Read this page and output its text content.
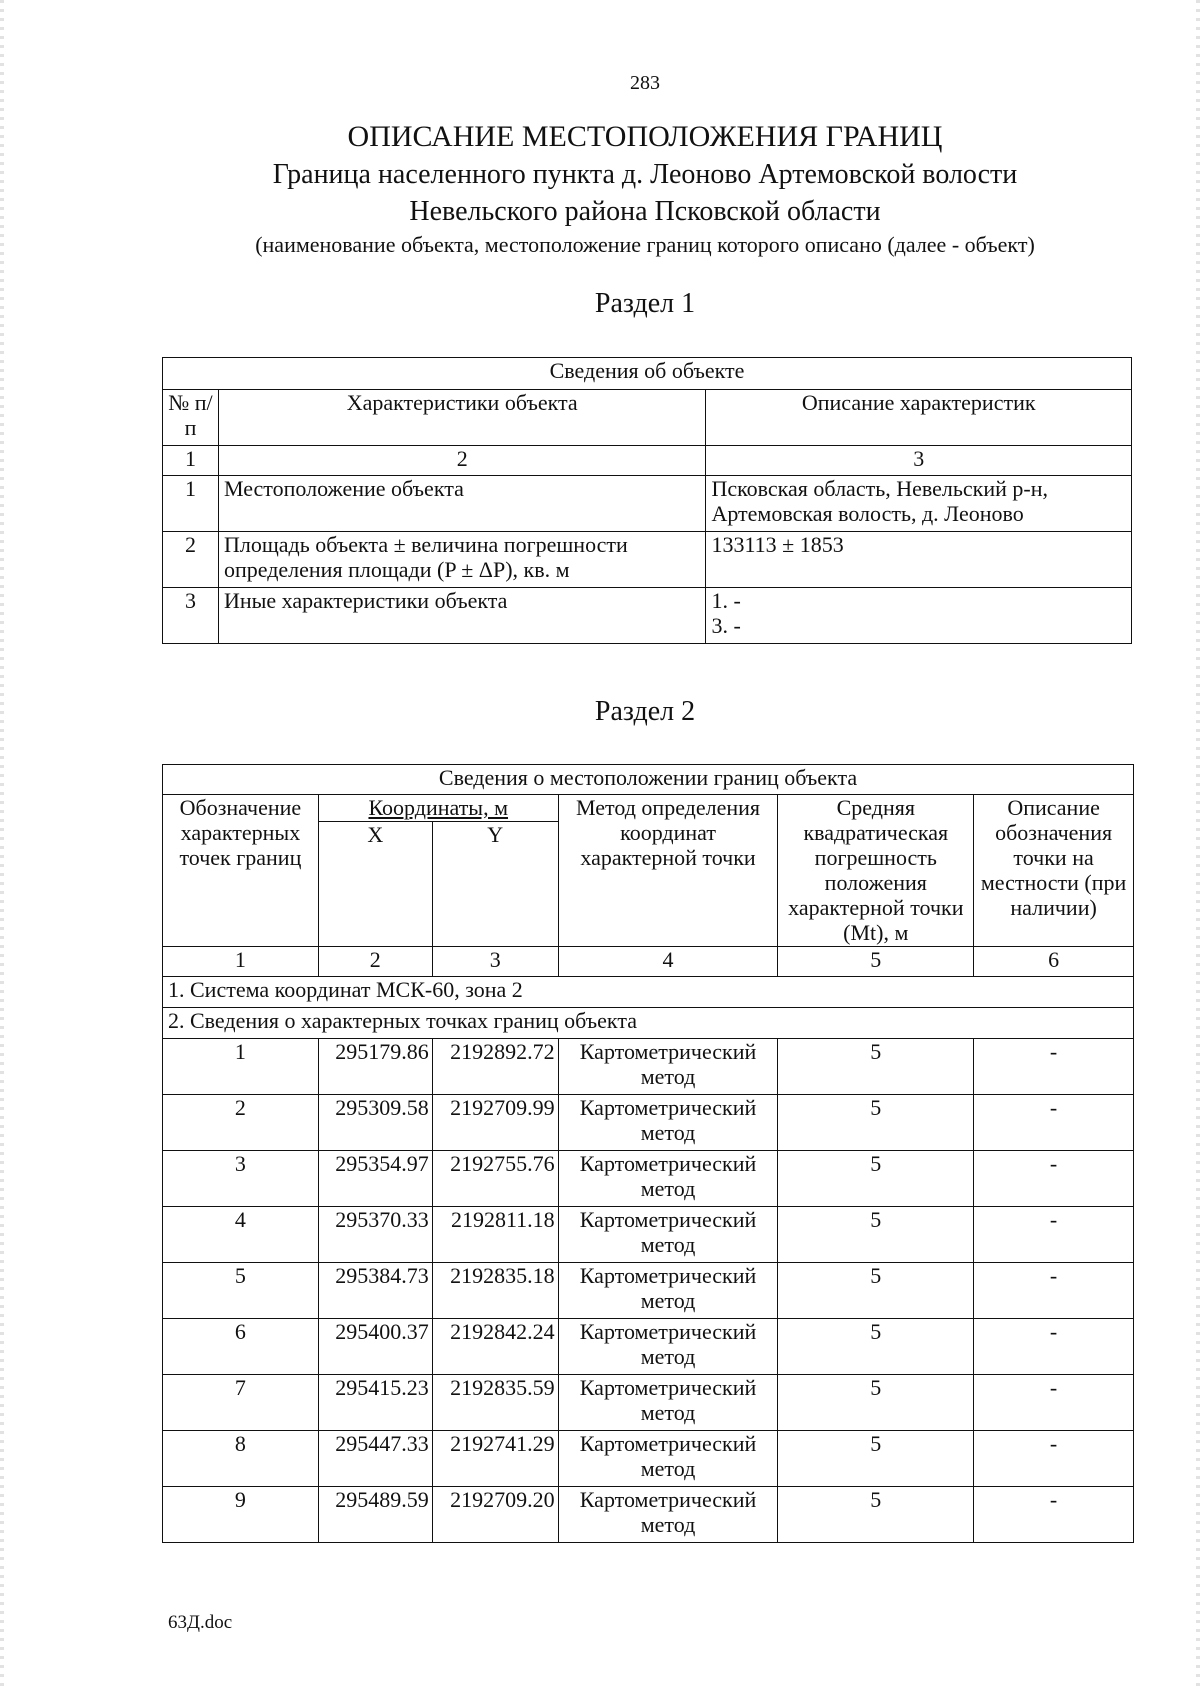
283
ОПИСАНИЕ МЕСТОПОЛОЖЕНИЯ ГРАНИЦ
Граница населенного пункта д. Леоново Артемовской волости
Невельского района Псковской области
(наименование объекта, местоположение границ которого описано (далее - объект)
Раздел 1
Сведения об объекте		
№ п/п	Характеристики объекта	Описание характеристик
1	2	3
1	Местоположение объекта	Псковская область, Невельский р-н, Артемовская волость, д. Леоново
2	Площадь объекта ± величина погрешности определения площади (P ± ΔP), кв. м	133113 ± 1853
3	Иные характеристики объекта	1. -
3. -
Раздел 2
Сведения о местоположении границ объекта					
Обозначение характерных точек границ	Координаты, м		Метод определения координат характерной точки	Средняя квадратическая погрешность положения характерной точки (Mt), м	Описание обозначения точки на местности (при наличии)
	X	Y			
1	2	3	4	5	6
1. Система координат МСК-60, зона 2					
2. Сведения о характерных точках границ объекта					
1	295179.86	2192892.72	Картометрический метод	5	-
2	295309.58	2192709.99	Картометрический метод	5	-
3	295354.97	2192755.76	Картометрический метод	5	-
4	295370.33	2192811.18	Картометрический метод	5	-
5	295384.73	2192835.18	Картометрический метод	5	-
6	295400.37	2192842.24	Картометрический метод	5	-
7	295415.23	2192835.59	Картометрический метод	5	-
8	295447.33	2192741.29	Картометрический метод	5	-
9	295489.59	2192709.20	Картометрический метод	5	-
63Д.doc
